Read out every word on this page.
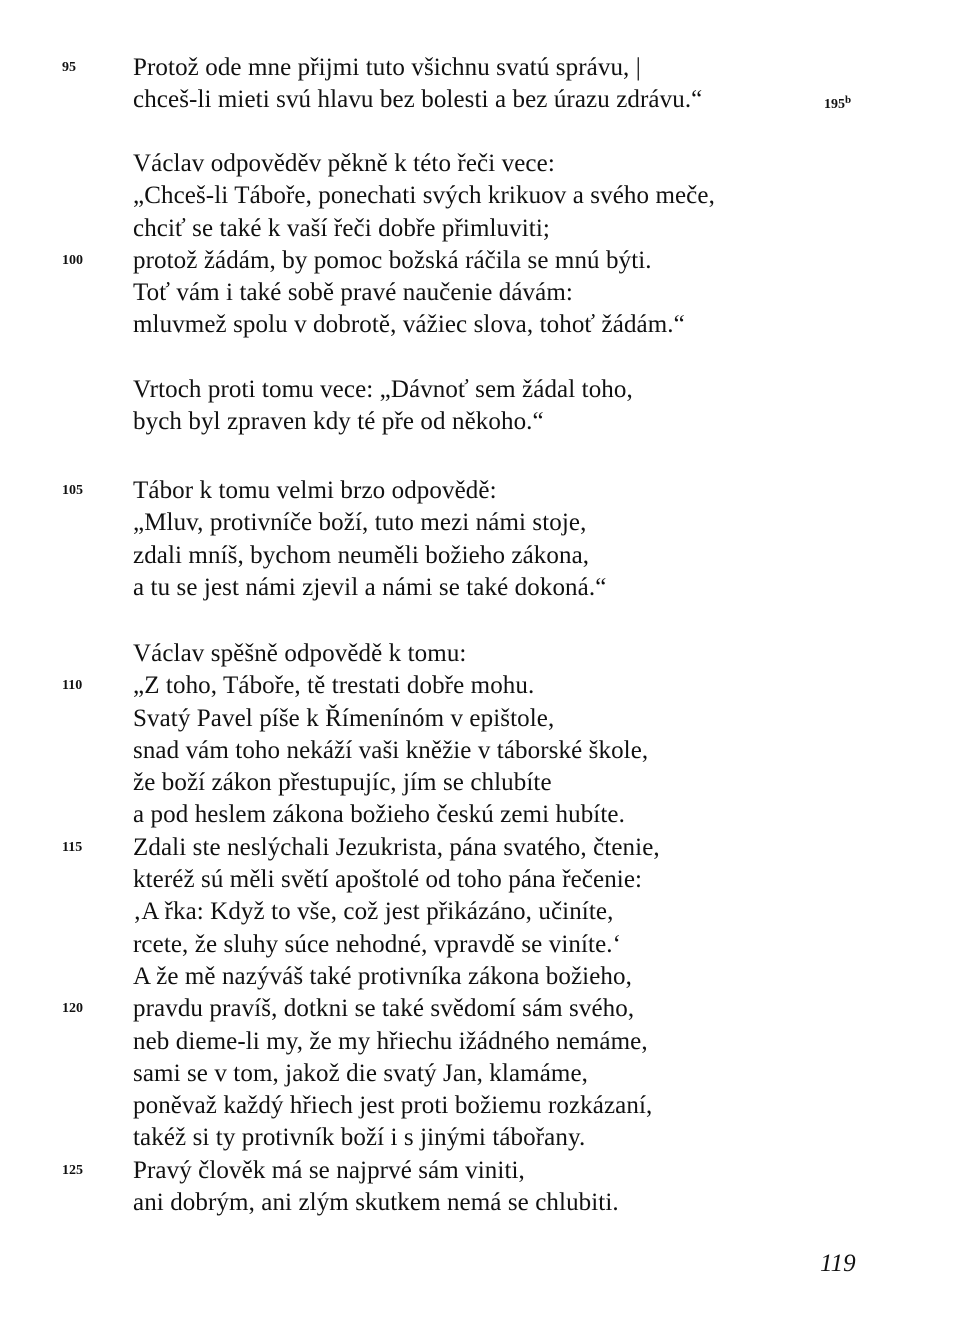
95 Protož ode mne přijmi tuto všichnu svatú správu, |
chceš-li mieti svú hlavu bez bolesti a bez úrazu zdrávu.“	195$^b$
Václav odpověděv pěkně k této řeči vece:
„Chceš-li Tábořе, ponechati svých krikuov a svého meče,
chciť se také k vaší řeči dobře přimluviti;
100 protož žádám, by pomoc božská ráčila se mnú býti.
Toť vám i také sobě pravé naučenie dávám:
mluvmež spolu v dobrotě, vážiec slova, tohoť žádám.“
Vrtoch proti tomu vece: „Dávnoť sem žádal toho,
bych byl zpraven kdy té pře od někoho.“
105 Tábor k tomu velmi brzo odpovědě:
„Mluv, protivníče boží, tuto mezi námi stoje,
zdali mníš, bychom neuměli božieho zákona,
a tu se jest námi zjevil a námi se také dokoná.“
Václav spěšně odpovědě k tomu:
110 „Z toho, Tábořе, tě trestati dobře mohu.
Svatý Pavel píše k Římenínóm v epištole,
snad vám toho nekáží vaši kněžie v táborské škole,
že boží zákon přestupujíc, jím se chlubíte
a pod heslem zákona božieho českú zemi hubíte.
115 Zdali ste neslýchali Jezukrista, pána svatého, čtenie,
kteréž sú měli světí apoštolé od toho pána řečenie:
‚A řka: Když to vše, což jest přikázáno, učiníte,
rcete, že sluhy súce nehodné, vpravdě se viníte.‘
A že mě nazýváš také protivníka zákona božieho,
120 pravdu pravíš, dotkni se také svědomí sám svého,
neb dieme-li my, že my hřiechu ižádného nemáme,
sami se v tom, jakož die svatý Jan, klamáme,
poněvaž každý hřiech jest proti božiemu rozkázaní,
takéž si ty protivník boží i s jinými tábořany.
125 Pravý člověk má se najprvé sám viniti,
ani dobrým, ani zlým skutkem nemá se chlubiti.
119
